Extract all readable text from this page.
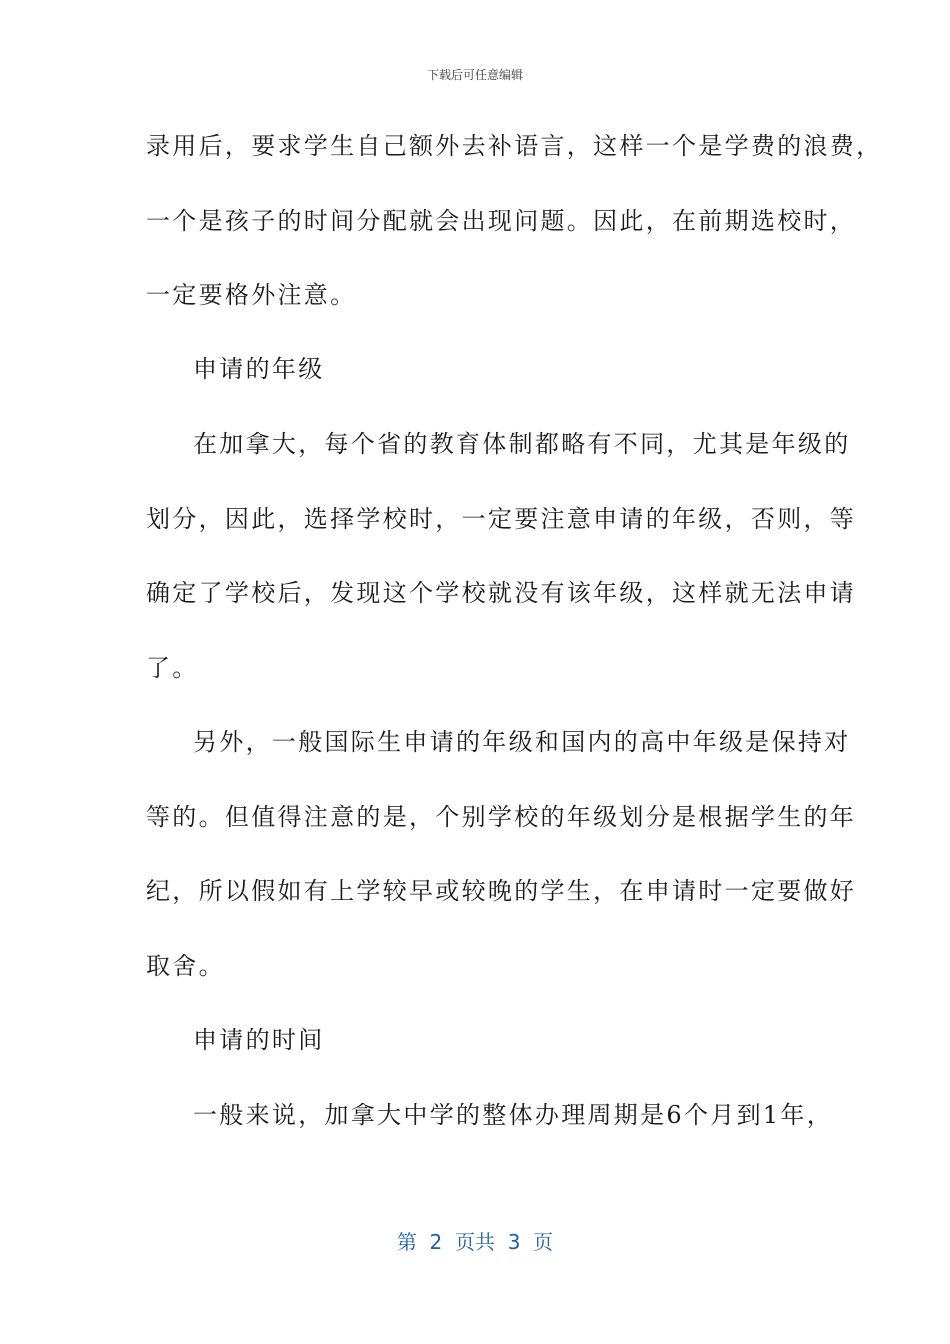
下载后可任意编辑
录用后，要求学生自己额外去补语言，这样一个是学费的浪费，
一个是孩子的时间分配就会出现问题。因此，在前期选校时，
一定要格外注意。
申请的年级
在加拿大，每个省的教育体制都略有不同，尤其是年级的
划分，因此，选择学校时，一定要注意申请的年级，否则，等
确定了学校后，发现这个学校就没有该年级，这样就无法申请
了。
另外，一般国际生申请的年级和国内的高中年级是保持对
等的。但值得注意的是，个别学校的年级划分是根据学生的年
纪，所以假如有上学较早或较晚的学生，在申请时一定要做好
取舍。
申请的时间
一般来说，加拿大中学的整体办理周期是6个月到1年，
第  2  页共  3  页
